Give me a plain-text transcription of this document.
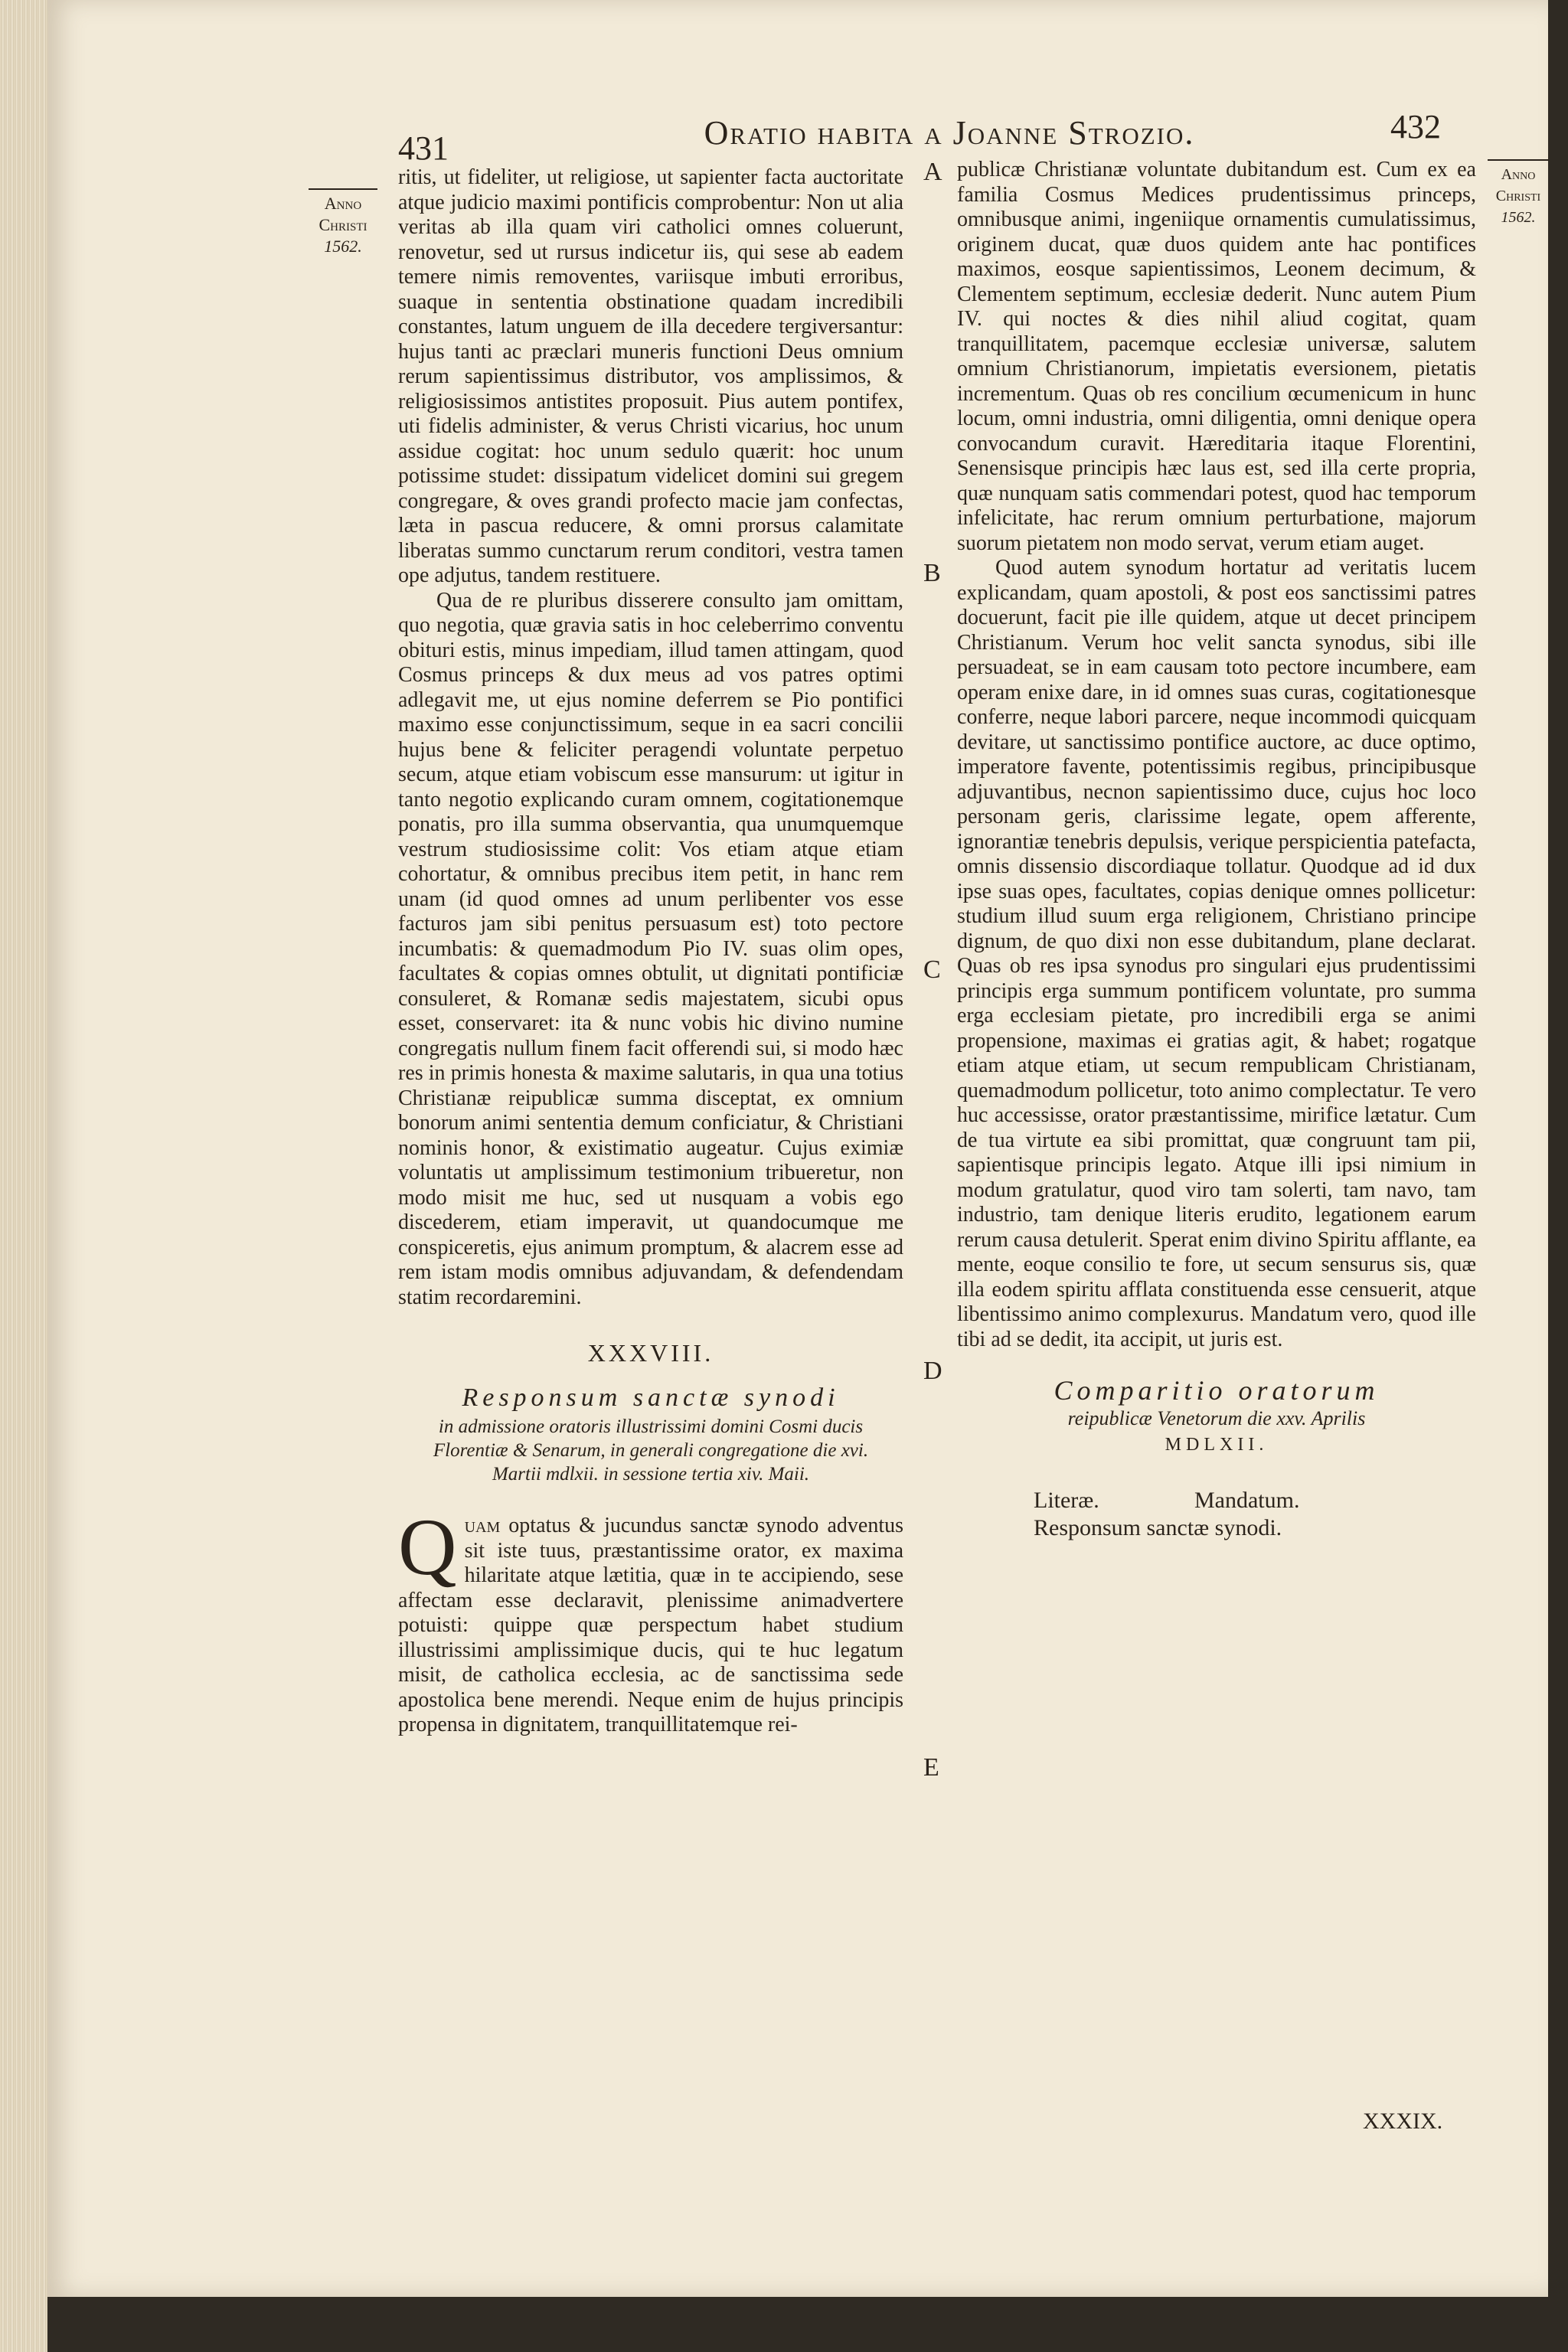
431	Oratio habita a Joanne Strozio.	432
Anno
Christi
1562.
Anno
Christi
1562.
A
B
C
D
E

ritis, ut fideliter, ut religiose, ut sapienter facta auctoritate atque judicio maximi pontificis comprobentur: Non ut alia veritas ab illa quam viri catholici omnes coluerunt, renovetur, sed ut rursus indicetur iis, qui sese ab eadem temere nimis removentes, variisque imbuti erroribus, suaque in sententia obstinatione quadam incredibili constantes, latum unguem de illa decedere tergiversantur: hujus tanti ac præclari muneris functioni Deus omnium rerum sapientissimus distributor, vos amplissimos, & religiosissimos antistites proposuit. Pius autem pontifex, uti fidelis administer, & verus Christi vicarius, hoc unum assidue cogitat: hoc unum sedulo quærit: hoc unum potissime studet: dissipatum videlicet domini sui gregem congregare, & oves grandi profecto macie jam confectas, læta in pascua reducere, & omni prorsus calamitate liberatas summo cunctarum rerum conditori, vestra tamen ope adjutus, tandem restituere.

Qua de re pluribus disserere consulto jam omittam, quo negotia, quæ gravia satis in hoc celeberrimo conventu obituri estis, minus impediam, illud tamen attingam, quod Cosmus princeps & dux meus ad vos patres optimi adlegavit me, ut ejus nomine deferrem se Pio pontifici maximo esse conjunctissimum, seque in ea sacri concilii hujus bene & feliciter peragendi voluntate perpetuo secum, atque etiam vobiscum esse mansurum: ut igitur in tanto negotio explicando curam omnem, cogitationemque ponatis, pro illa summa observantia, qua unumquemque vestrum studiosissime colit: Vos etiam atque etiam cohortatur, & omnibus precibus item petit, in hanc rem unam (id quod omnes ad unum perlibenter vos esse facturos jam sibi penitus persuasum est) toto pectore incumbatis: & quemadmodum Pio IV. suas olim opes, facultates & copias omnes obtulit, ut dignitati pontificiæ consuleret, & Romanæ sedis majestatem, sicubi opus esset, conservaret: ita & nunc vobis hic divino numine congregatis nullum finem facit offerendi sui, si modo hæc res in primis honesta & maxime salutaris, in qua una totius Christianæ reipublicæ summa disceptat, ex omnium bonorum animi sententia demum conficiatur, & Christiani nominis honor, & existimatio augeatur. Cujus eximiæ voluntatis ut amplissimum testimonium tribueretur, non modo misit me huc, sed ut nusquam a vobis ego discederem, etiam imperavit, ut quandocumque me conspiceretis, ejus animum promptum, & alacrem esse ad rem istam modis omnibus adjuvandam, & defendendam statim recordaremini.

XXXVIII.
Responsum sanctæ synodi
in admissione oratoris illustrissimi domini Cosmi ducis Florentiæ & Senarum, in generali congregatione die xvi. Martii mdlxii. in sessione tertia xiv. Maii.

Quam optatus & jucundus sanctæ synodo adventus sit iste tuus, præstantissime orator, ex maxima hilaritate atque lætitia, quæ in te accipiendo, sese affectam esse declaravit, plenissime animadvertere potuisti: quippe quæ perspectum habet studium illustrissimi amplissimique ducis, qui te huc legatum misit, de catholica ecclesia, ac de sanctissima sede apostolica bene merendi. Neque enim de hujus principis propensa in dignitatem, tranquillitatemque rei-

publicæ Christianæ voluntate dubitandum est. Cum ex ea familia Cosmus Medices prudentissimus princeps, omnibusque animi, ingeniique ornamentis cumulatissimus, originem ducat, quæ duos quidem ante hac pontifices maximos, eosque sapientissimos, Leonem decimum, & Clementem septimum, ecclesiæ dederit. Nunc autem Pium IV. qui noctes & dies nihil aliud cogitat, quam tranquillitatem, pacemque ecclesiæ universæ, salutem omnium Christianorum, impietatis eversionem, pietatis incrementum. Quas ob res concilium œcumenicum in hunc locum, omni industria, omni diligentia, omni denique opera convocandum curavit. Hæreditaria itaque Florentini, Senensisque principis hæc laus est, sed illa certe propria, quæ nunquam satis commendari potest, quod hac temporum infelicitate, hac rerum omnium perturbatione, majorum suorum pietatem non modo servat, verum etiam auget.

Quod autem synodum hortatur ad veritatis lucem explicandam, quam apostoli, & post eos sanctissimi patres docuerunt, facit pie ille quidem, atque ut decet principem Christianum. Verum hoc velit sancta synodus, sibi ille persuadeat, se in eam causam toto pectore incumbere, eam operam enixe dare, in id omnes suas curas, cogitationesque conferre, neque labori parcere, neque incommodi quicquam devitare, ut sanctissimo pontifice auctore, ac duce optimo, imperatore favente, potentissimis regibus, principibusque adjuvantibus, necnon sapientissimo duce, cujus hoc loco personam geris, clarissime legate, opem afferente, ignorantiæ tenebris depulsis, verique perspicientia patefacta, omnis dissensio discordiaque tollatur. Quodque ad id dux ipse suas opes, facultates, copias denique omnes pollicetur: studium illud suum erga religionem, Christiano principe dignum, de quo dixi non esse dubitandum, plane declarat. Quas ob res ipsa synodus pro singulari ejus prudentissimi principis erga summum pontificem voluntate, pro summa erga ecclesiam pietate, pro incredibili erga se animi propensione, maximas ei gratias agit, & habet; rogatque etiam atque etiam, ut secum rempublicam Christianam, quemadmodum pollicetur, toto animo complectatur. Te vero huc accessisse, orator præstantissime, mirifice lætatur. Cum de tua virtute ea sibi promittat, quæ congruunt tam pii, sapientisque principis legato. Atque illi ipsi nimium in modum gratulatur, quod viro tam solerti, tam navo, tam industrio, tam denique literis erudito, legationem earum rerum causa detulerit. Sperat enim divino Spiritu afflante, ea mente, eoque consilio te fore, ut secum sensurus sis, quæ illa eodem spiritu afflata constituenda esse censuerit, atque libentissimo animo complexurus. Mandatum vero, quod ille tibi ad se dedit, ita accipit, ut juris est.

Comparitio oratorum
reipublicæ Venetorum die xxv. Aprilis
MDLXII.
Literæ.	Mandatum.
Responsum sanctæ synodi.
XXXIX.
